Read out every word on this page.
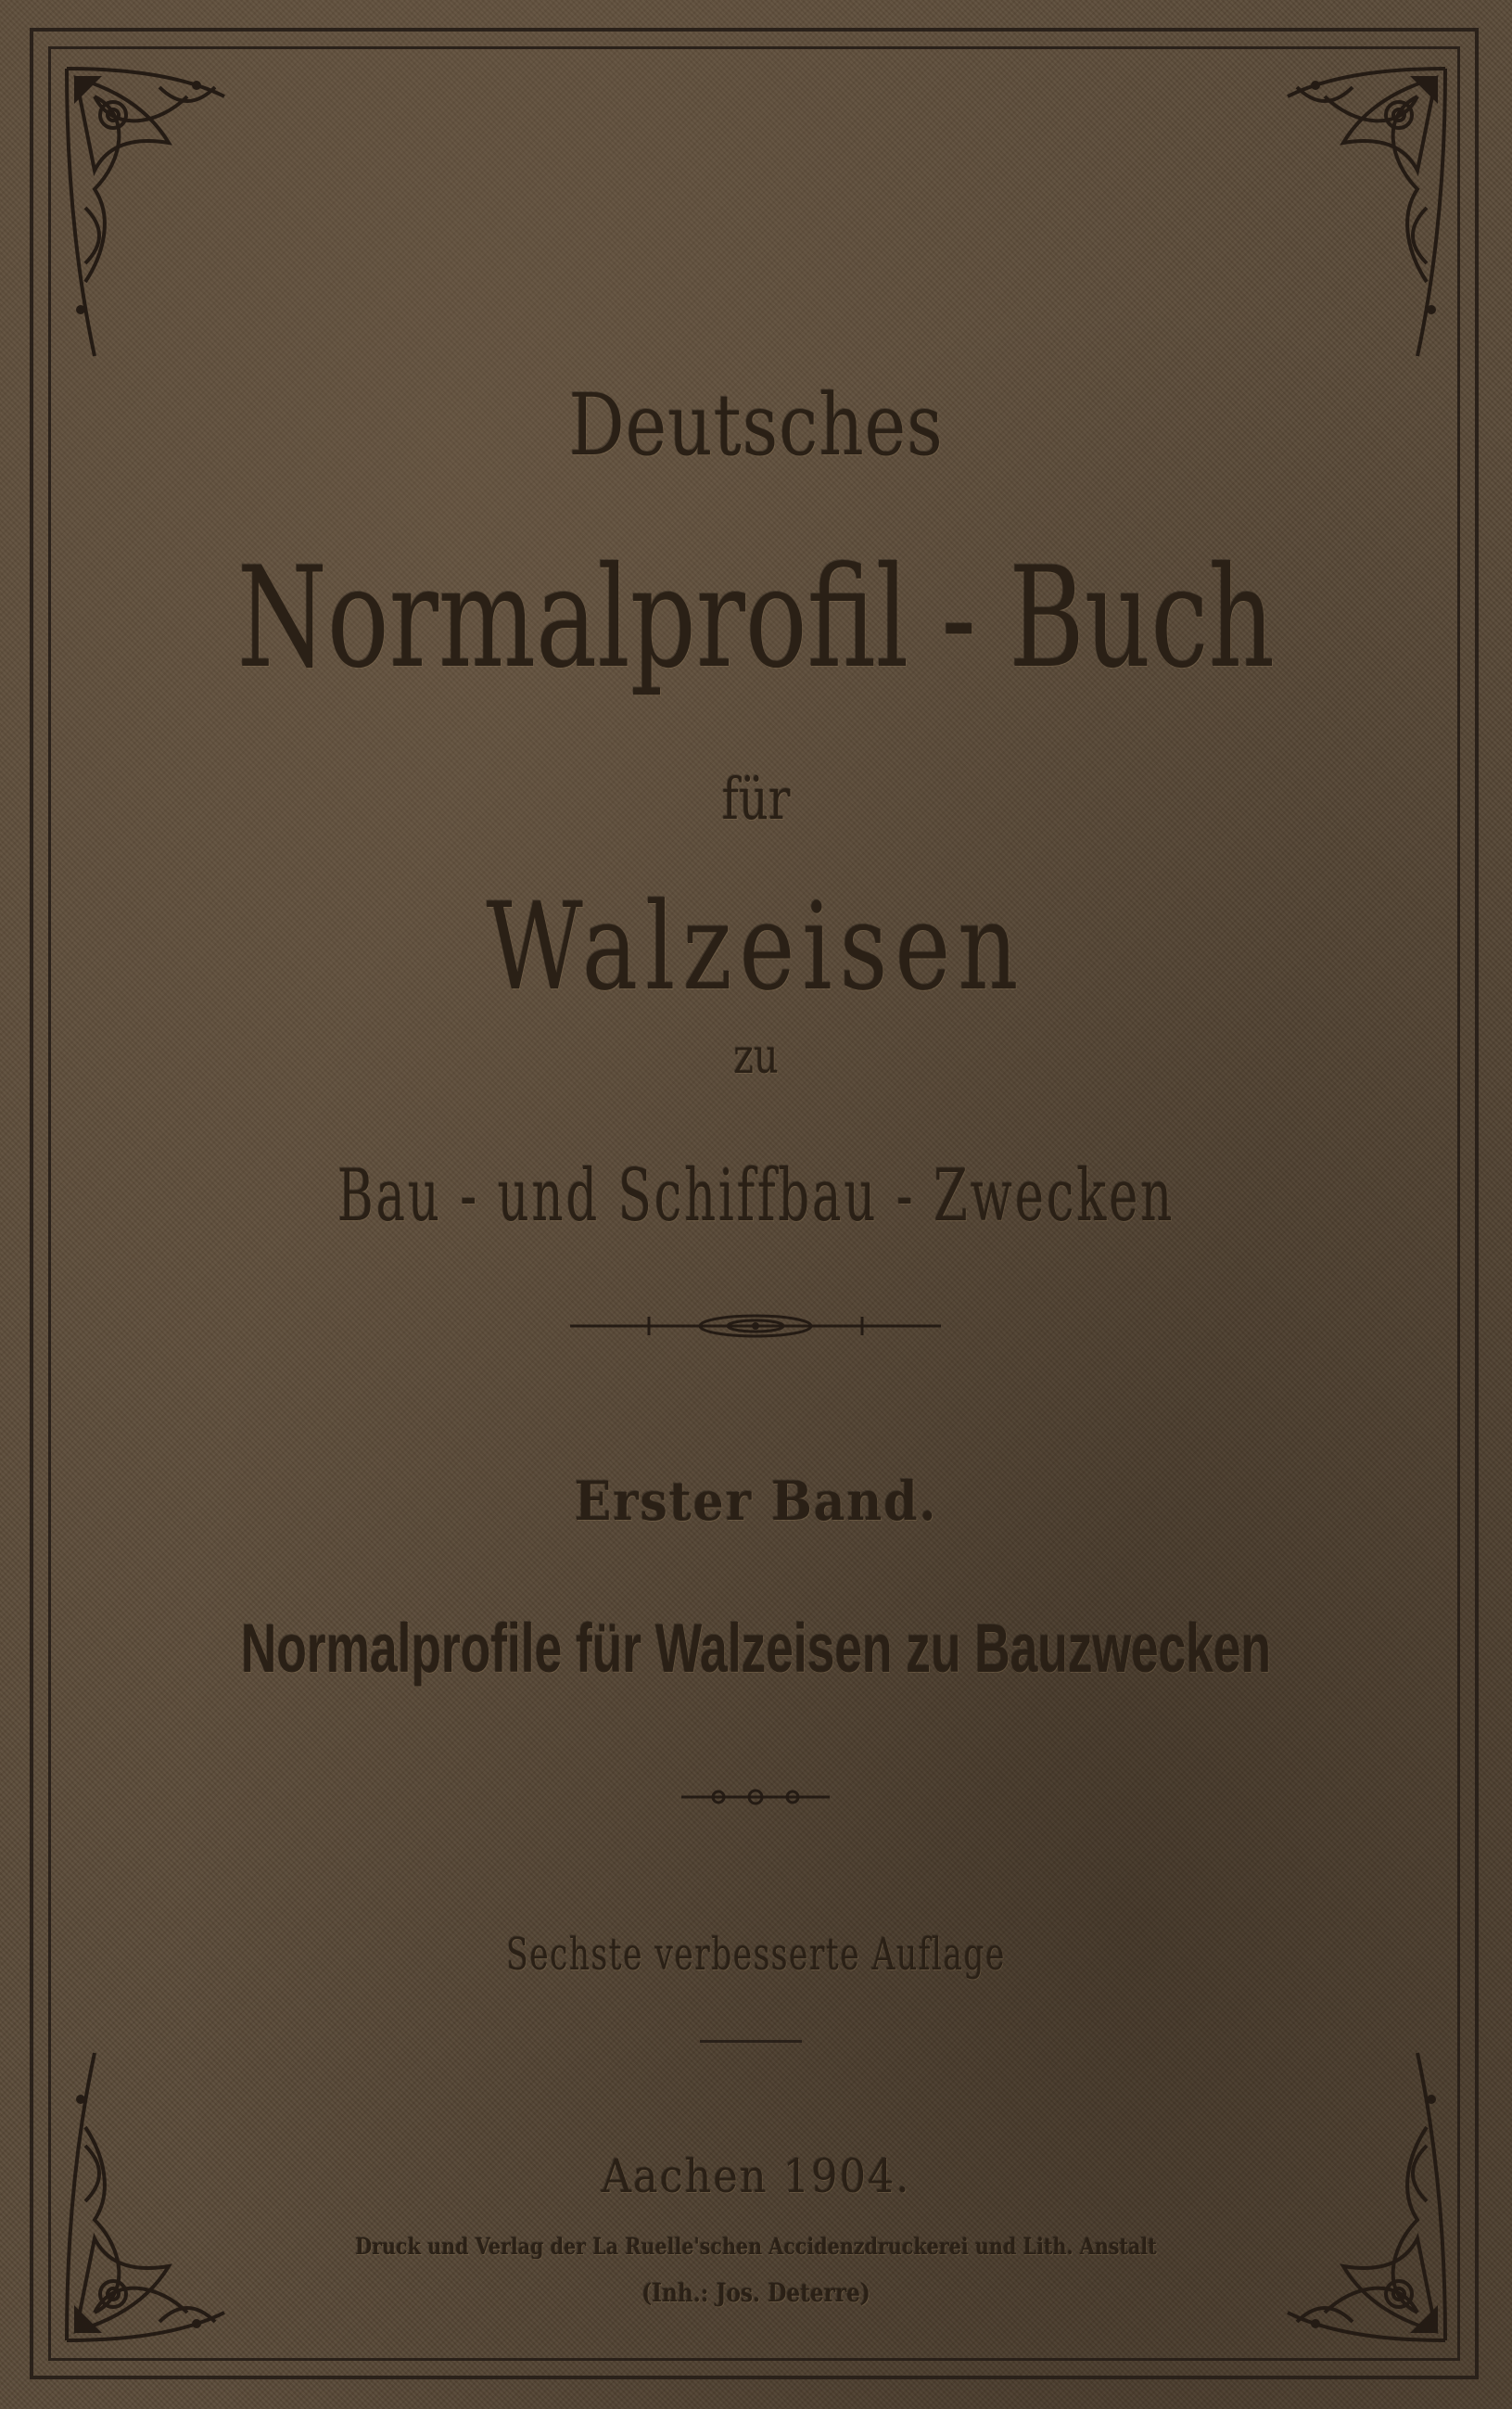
Deutsches
Normalprofil - Buch
für
Walzeisen
zu
Bau - und Schiffbau - Zwecken
Erster Band.
Normalprofile für Walzeisen zu Bauzwecken
Sechste verbesserte Auflage
Aachen 1904.
Druck und Verlag der La Ruelle'schen Accidenzdruckerei und Lith. Anstalt
(Inh.: Jos. Deterre)
